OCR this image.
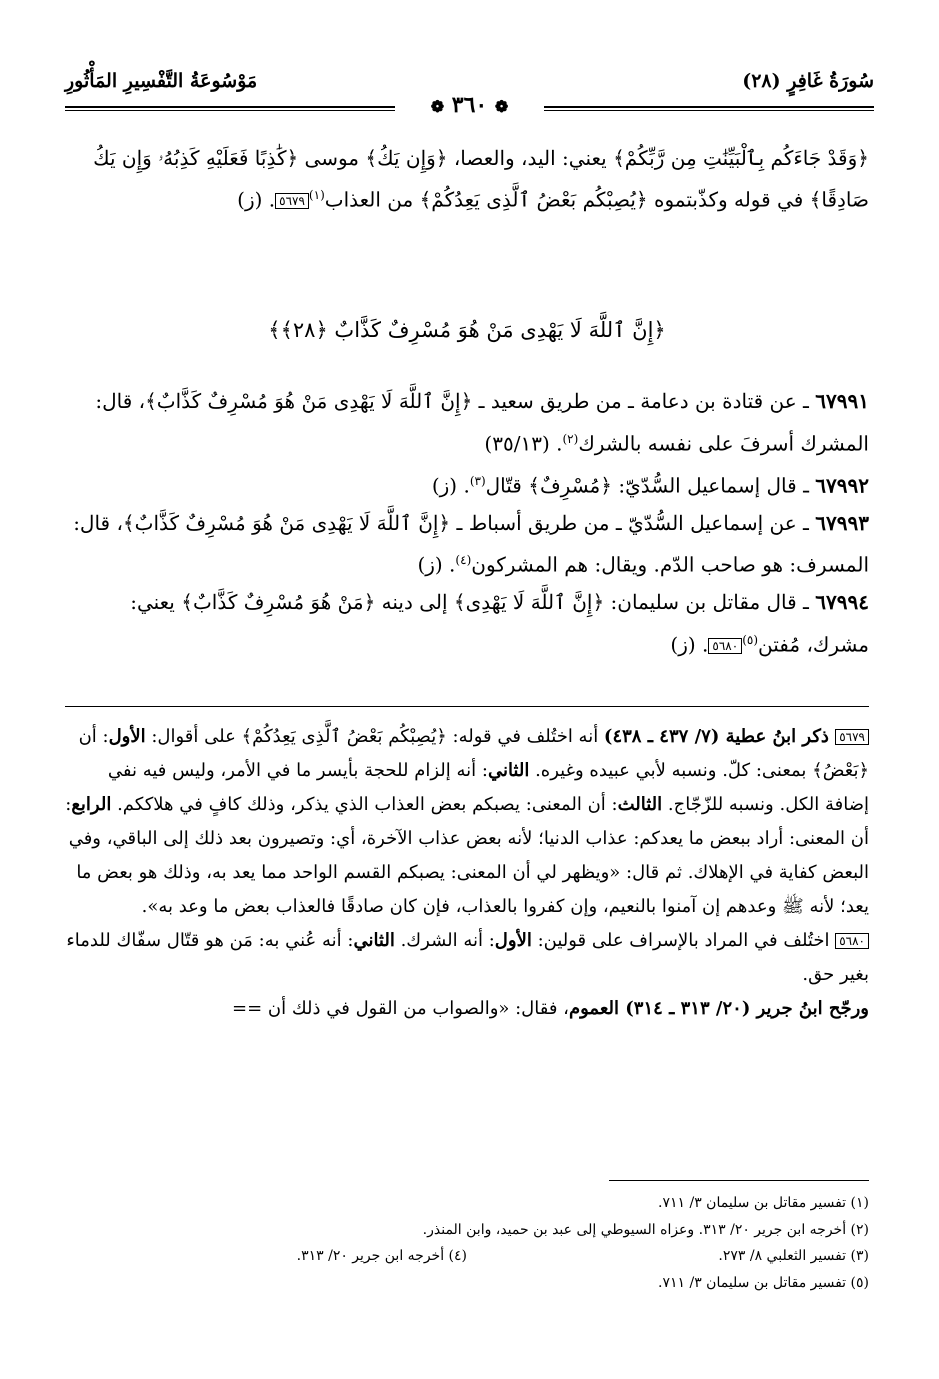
سُورَةُ غَافِرٍ (٢٨)
مَوْسُوعَةُ التَّفْسِيرِ المَأْثُورِ
❁ ٣٦٠ ❁

﴿وَقَدْ جَاءَكُم بِٱلْبَيِّنَٰتِ مِن رَّبِّكُمْ﴾ يعني: اليد، والعصا، ﴿وَإِن يَكُ﴾ موسى ﴿كَٰذِبًا فَعَلَيْهِ كَذِبُهُۥ وَإِن يَكُ صَادِقًا﴾ في قوله وكذّبتموه ﴿يُصِبْكُم بَعْضُ ٱلَّذِى يَعِدُكُمْ﴾ من العذاب$^{(١)}$٥٦٧٩. (ز)

﴿إِنَّ ٱللَّهَ لَا يَهْدِى مَنْ هُوَ مُسْرِفٌ كَذَّابٌ ﴿٢٨﴾﴾

٦٧٩٩١ ـ عن قتادة بن دعامة ـ من طريق سعيد ـ ﴿إِنَّ ٱللَّهَ لَا يَهْدِى مَنْ هُوَ مُسْرِفٌ كَذَّابٌ﴾، قال: المشرك أسرفَ على نفسه بالشرك$^{(٢)}$. (٣٥/١٣)

٦٧٩٩٢ ـ قال إسماعيل السُّدّيّ: ﴿مُسْرِفٌ﴾ قتّال$^{(٣)}$. (ز)

٦٧٩٩٣ ـ عن إسماعيل السُّدّيّ ـ من طريق أسباط ـ ﴿إِنَّ ٱللَّهَ لَا يَهْدِى مَنْ هُوَ مُسْرِفٌ كَذَّابٌ﴾، قال: المسرف: هو صاحب الدّم. ويقال: هم المشركون$^{(٤)}$. (ز)

٦٧٩٩٤ ـ قال مقاتل بن سليمان: ﴿إِنَّ ٱللَّهَ لَا يَهْدِى﴾ إلى دينه ﴿مَنْ هُوَ مُسْرِفٌ كَذَّابٌ﴾ يعني: مشرك، مُفتن$^{(٥)}$٥٦٨٠. (ز)

٥٦٧٩ ذكر ابنُ عطية (٧/ ٤٣٧ ـ ٤٣٨) أنه اختُلف في قوله: ﴿يُصِبْكُم بَعْضُ ٱلَّذِى يَعِدُكُمْ﴾ على أقوال: الأول: أن ﴿بَعْضُ﴾ بمعنى: كلّ. ونسبه لأبي عبيده وغيره. الثاني: أنه إلزام للحجة بأيسر ما في الأمر، وليس فيه نفي إضافة الكل. ونسبه للزّجّاج. الثالث: أن المعنى: يصبكم بعض العذاب الذي يذكر، وذلك كافٍ في هلاككم. الرابع: أن المعنى: أراد ببعض ما يعدكم: عذاب الدنيا؛ لأنه بعض عذاب الآخرة، أي: وتصيرون بعد ذلك إلى الباقي، وفي البعض كفاية في الإهلاك. ثم قال: «ويظهر لي أن المعنى: يصبكم القسم الواحد مما يعد به، وذلك هو بعض ما يعد؛ لأنه ﷺ وعدهم إن آمنوا بالنعيم، وإن كفروا بالعذاب، فإن كان صادقًا فالعذاب بعض ما وعد به».

٥٦٨٠ اختُلف في المراد بالإسراف على قولين: الأول: أنه الشرك. الثاني: أنه عُني به: مَن هو قتّال سفّاك للدماء بغير حق.

ورجّح ابنُ جرير (٢٠/ ٣١٣ ـ ٣١٤) العموم، فقال: «والصواب من القول في ذلك أن ==

(١) تفسير مقاتل بن سليمان ٣/ ٧١١.

(٢) أخرجه ابن جرير ٢٠/ ٣١٣. وعزاه السيوطي إلى عبد بن حميد، وابن المنذر.

(٣) تفسير الثعلبي ٨/ ٢٧٣.
(٤) أخرجه ابن جرير ٢٠/ ٣١٣.

(٥) تفسير مقاتل بن سليمان ٣/ ٧١١.
